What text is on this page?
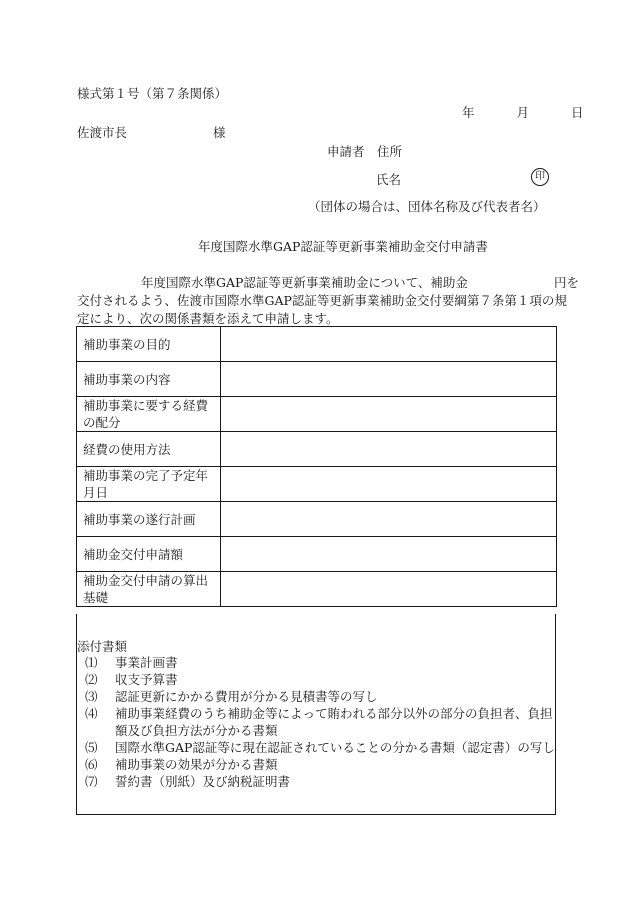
様式第１号（第７条関係）
年	月	日
佐渡市長	様
申請者　住所
氏名	印
（団体の場合は、団体名称及び代表者名）
年度国際水準GAP認証等更新事業補助金交付申請書
年度国際水準GAP認証等更新事業補助金について、補助金	円を
交付されるよう、佐渡市国際水準GAP認証等更新事業補助金交付要綱第７条第１項の規
定により、次の関係書類を添えて申請します。
補助事業の目的	
補助事業の内容	
補助事業に要する経費の配分	
経費の使用方法	
補助事業の完了予定年月日	
補助事業の遂行計画	
補助金交付申請額	
補助金交付申請の算出基礎	
添付書類
⑴ 事業計画書
⑵ 収支予算書
⑶ 認証更新にかかる費用が分かる見積書等の写し
⑷ 補助事業経費のうち補助金等によって賄われる部分以外の部分の負担者、負担
額及び負担方法が分かる書類
⑸ 国際水準GAP認証等に現在認証されていることの分かる書類（認定書）の写し
⑹ 補助事業の効果が分かる書類
⑺ 誓約書（別紙）及び納税証明書
